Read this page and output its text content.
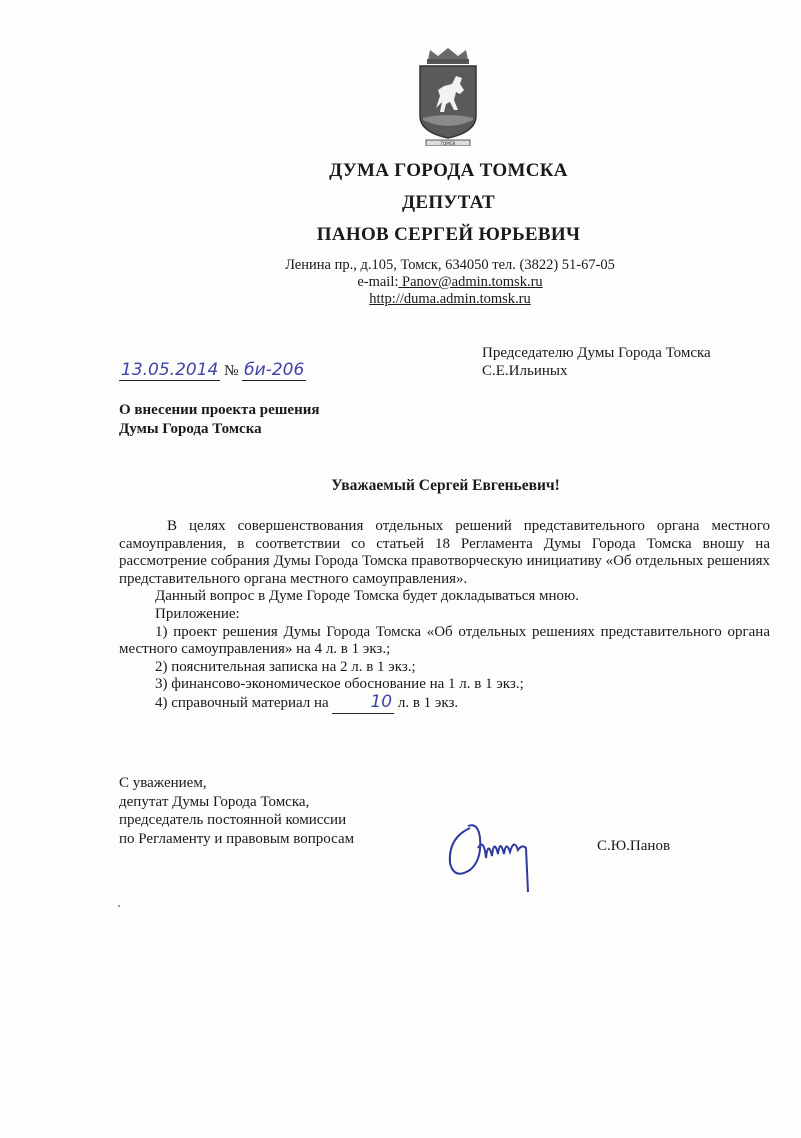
ТОМСК
ДУМА ГОРОДА ТОМСКА
ДЕПУТАТ
ПАНОВ СЕРГЕЙ ЮРЬЕВИЧ
Ленина пр., д.105, Томск, 634050 тел. (3822) 51-67-05
e-mail: Panov@admin.tomsk.ru
http://duma.admin.tomsk.ru
Председателю Думы Города Томска
С.Е.Ильиных
13.05.2014 № би-206
О внесении проекта решения
Думы Города Томска
Уважаемый Сергей Евгеньевич!

В целях совершенствования отдельных решений представительного органа местного самоуправления, в соответствии со статьей 18 Регламента Думы Города Томска вношу на рассмотрение собрания Думы Города Томска правотворческую инициативу «Об отдельных решениях представительного органа местного самоуправления».

Данный вопрос в Думе Городе Томска будет докладываться мною.

Приложение:

1) проект решения Думы Города Томска «Об отдельных решениях представительного органа местного самоуправления» на 4 л. в 1 экз.;

2) пояснительная записка на 2 л. в 1 экз.;

3) финансово-экономическое обоснование на 1 л. в 1 экз.;

4) справочный материал на 10 л. в 1 экз.

С уважением,
депутат Думы Города Томска,
председатель постоянной комиссии
по Регламенту и правовым вопросам	С.Ю.Панов
